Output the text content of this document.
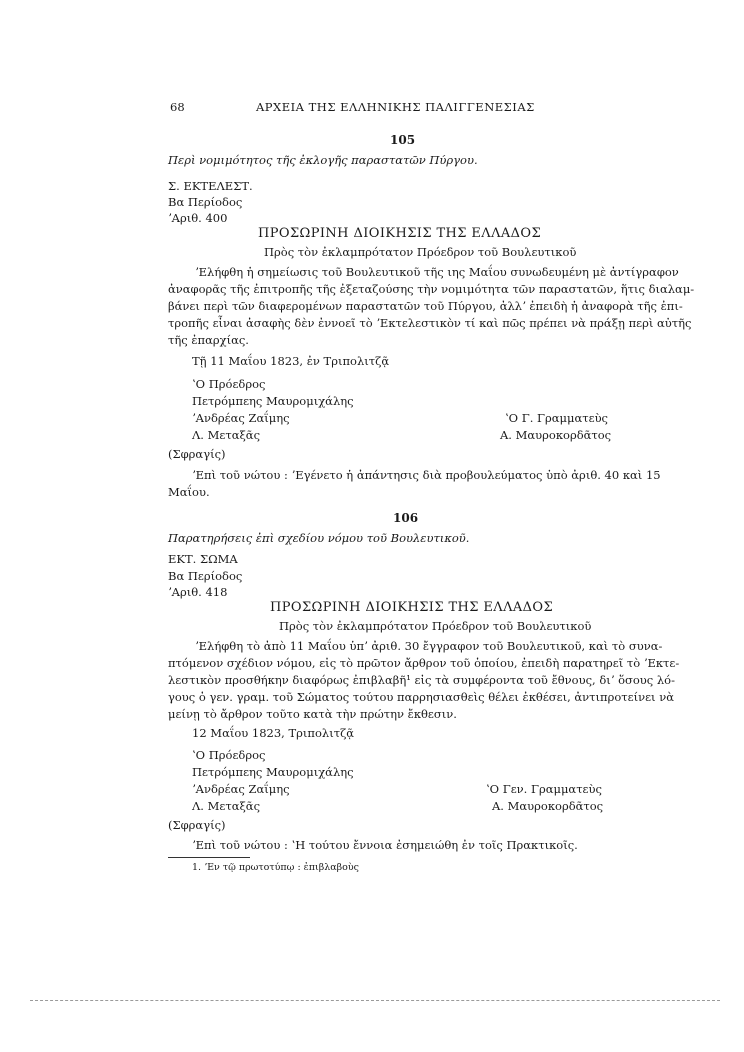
68	ΑΡΧΕΙΑ ΤΗΣ ΕΛΛΗΝΙΚΗΣ ΠΑΛΙΓΓΕΝΕΣΙΑΣ
105
Περὶ νομιμότητος τῆς ἐκλογῆς παραστατῶν Πύργου.
Σ. ΕΚΤΕΛΕΣΤ.
Βα Περίοδος
ʼΑριθ. 400
ΠΡΟΣΩΡΙΝΗ ΔΙΟΙΚΗΣΙΣ ΤΗΣ ΕΛΛΑΔΟΣ
Πρὸς τὸν ἐκλαμπρότατον Πρόεδρον τοῦ Βουλευτικοῦ
ʼΕλήφθη ἡ σημείωσις τοῦ Βουλευτικοῦ τῆς ιης Μαΐου συνωδευμένη μὲ ἀντίγραφον
ἀναφορᾶς τῆς ἐπιτροπῆς τῆς ἐξεταζούσης τὴν νομιμότητα τῶν παραστατῶν, ἥτις διαλαμ-
βάνει περὶ τῶν διαφερομένων παραστατῶν τοῦ Πύργου, ἀλλʼ ἐπειδὴ ἡ ἀναφορὰ τῆς ἐπι-
τροπῆς εἶναι ἀσαφὴς δὲν ἐννοεῖ τὸ ʼΕκτελεστικὸν τί καὶ πῶς πρέπει νὰ πράξῃ περὶ αὐτῆς
τῆς ἐπαρχίας.
Τῇ 11 Μαΐου 1823, ἐν Τριπολιτζᾷ
ʽΟ Πρόεδρος
Πετρόμπεης Μαυρομιχάλης
ʼΑνδρέας Ζαΐμης
Λ. Μεταξᾶς
ʽΟ Γ. Γραμματεὺς
Α. Μαυροκορδᾶτος
(Σφραγίς)
ʼΕπὶ τοῦ νώτου : ʼΕγένετο ἡ ἀπάντησις διὰ προβουλεύματος ὑπὸ ἀριθ. 40 καὶ 15
Μαΐου.
106
Παρατηρήσεις ἐπὶ σχεδίου νόμου τοῦ Βουλευτικοῦ.
ΕΚΤ. ΣΩΜΑ
Βα Περίοδος
ʼΑριθ. 418
ΠΡΟΣΩΡΙΝΗ ΔΙΟΙΚΗΣΙΣ ΤΗΣ ΕΛΛΑΔΟΣ
Πρὸς τὸν ἐκλαμπρότατον Πρόεδρον τοῦ Βουλευτικοῦ
ʼΕλήφθη τὸ ἀπὸ 11 Μαΐου ὑπʼ ἀριθ. 30 ἔγγραφον τοῦ Βουλευτικοῦ, καὶ τὸ συνα-
πτόμενον σχέδιον νόμου, εἰς τὸ πρῶτον ἄρθρον τοῦ ὁποίου, ἐπειδὴ παρατηρεῖ τὸ ʼΕκτε-
λεστικὸν προσθήκην διαφόρως ἐπιβλαβῆ¹ εἰς τὰ συμφέροντα τοῦ ἔθνους, διʼ ὅσους λό-
γους ὁ γεν. γραμ. τοῦ Σώματος τούτου παρρησιασθεὶς θέλει ἐκθέσει, ἀντιπροτείνει νὰ
μείνῃ τὸ ἄρθρον τοῦτο κατὰ τὴν πρώτην ἔκθεσιν.
12 Μαΐου 1823, Τριπολιτζᾷ
ʽΟ Πρόεδρος
Πετρόμπεης Μαυρομιχάλης
ʼΑνδρέας Ζαΐμης
Λ. Μεταξᾶς
ʽΟ Γεν. Γραμματεὺς
Α. Μαυροκορδᾶτος
(Σφραγίς)
ʼΕπὶ τοῦ νώτου : ʽΗ τούτου ἔννοια ἐσημειώθη ἐν τοῖς Πρακτικοῖς.
1. ʼΕν τῷ πρωτοτύπῳ : ἐπιβλαβοὺς
